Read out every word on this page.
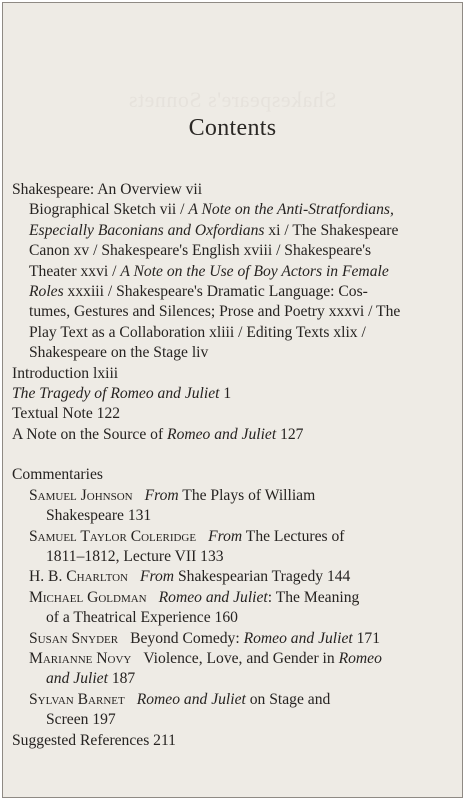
Shakespeare's Sonnets
Contents
Shakespeare: An Overview vii
Biographical Sketch vii / A Note on the Anti-Stratfordians,
Especially Baconians and Oxfordians xi / The Shakespeare
Canon xv / Shakespeare's English xviii / Shakespeare's
Theater xxvi / A Note on the Use of Boy Actors in Female
Roles xxxiii / Shakespeare's Dramatic Language: Cos-
tumes, Gestures and Silences; Prose and Poetry xxxvi / The
Play Text as a Collaboration xliii / Editing Texts xlix /
Shakespeare on the Stage liv
Introduction lxiii
The Tragedy of Romeo and Juliet 1
Textual Note 122
A Note on the Source of Romeo and Juliet 127
Commentaries
Samuel Johnson From The Plays of William
Shakespeare 131
Samuel Taylor Coleridge From The Lectures of
1811–1812, Lecture VII 133
H. B. Charlton From Shakespearian Tragedy 144
Michael Goldman Romeo and Juliet: The Meaning
of a Theatrical Experience 160
Susan Snyder Beyond Comedy: Romeo and Juliet 171
Marianne Novy Violence, Love, and Gender in Romeo
and Juliet 187
Sylvan Barnet Romeo and Juliet on Stage and
Screen 197
Suggested References 211
